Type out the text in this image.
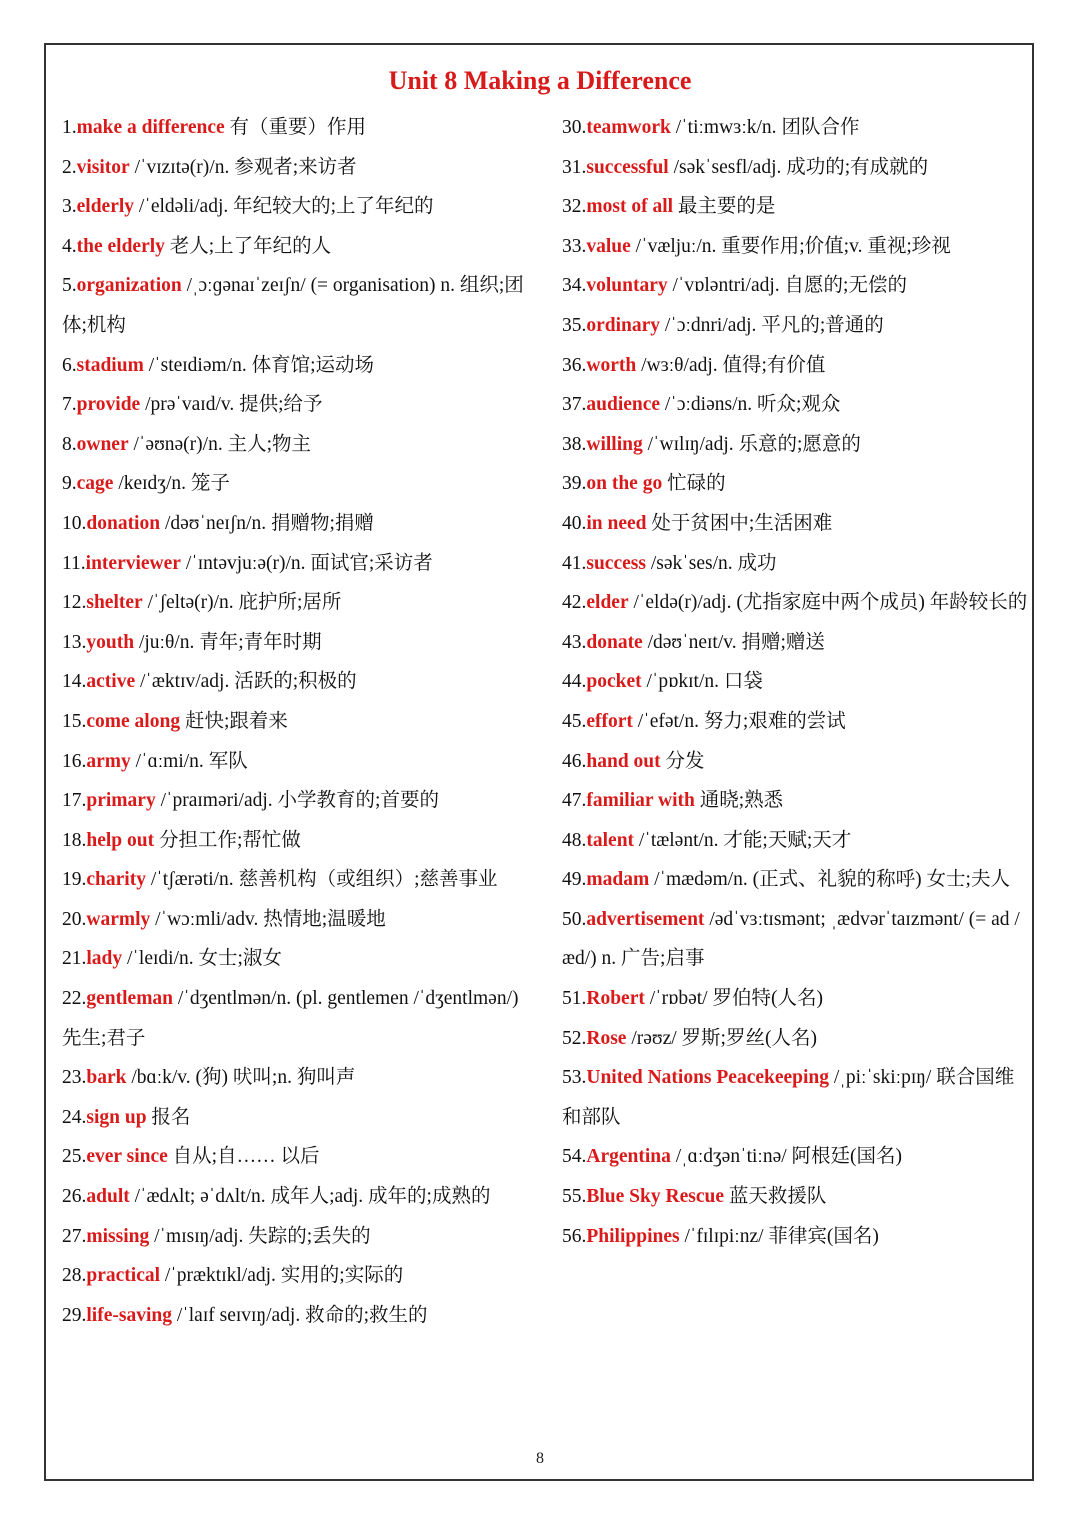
Unit 8 Making a Difference

1.make a difference 有（重要）作用

2.visitor /ˈvɪzɪtə(r)/n. 参观者;来访者

3.elderly /ˈeldəli/adj. 年纪较大的;上了年纪的

4.the elderly 老人;上了年纪的人

5.organization /ˌɔːɡənaɪˈzeɪʃn/ (= organisation) n. 组织;团体;机构

6.stadium /ˈsteɪdiəm/n. 体育馆;运动场

7.provide /prəˈvaɪd/v. 提供;给予

8.owner /ˈəʊnə(r)/n. 主人;物主

9.cage /keɪdʒ/n. 笼子

10.donation /dəʊˈneɪʃn/n. 捐赠物;捐赠

11.interviewer /ˈɪntəvjuːə(r)/n. 面试官;采访者

12.shelter /ˈʃeltə(r)/n. 庇护所;居所

13.youth /juːθ/n. 青年;青年时期

14.active /ˈæktɪv/adj. 活跃的;积极的

15.come along 赶快;跟着来

16.army /ˈɑːmi/n. 军队

17.primary /ˈpraɪməri/adj. 小学教育的;首要的

18.help out 分担工作;帮忙做

19.charity /ˈtʃærəti/n. 慈善机构（或组织）;慈善事业

20.warmly /ˈwɔːmli/adv. 热情地;温暖地

21.lady /ˈleɪdi/n. 女士;淑女

22.gentleman /ˈdʒentlmən/n. (pl. gentlemen /ˈdʒentlmən/) 先生;君子

23.bark /bɑːk/v. (狗) 吠叫;n. 狗叫声

24.sign up 报名

25.ever since 自从;自…… 以后

26.adult /ˈædʌlt; əˈdʌlt/n. 成年人;adj. 成年的;成熟的

27.missing /ˈmɪsɪŋ/adj. 失踪的;丢失的

28.practical /ˈpræktɪkl/adj. 实用的;实际的

29.life-saving /ˈlaɪf seɪvɪŋ/adj. 救命的;救生的

30.teamwork /ˈtiːmwɜːk/n. 团队合作

31.successful /səkˈsesfl/adj. 成功的;有成就的

32.most of all 最主要的是

33.value /ˈvæljuː/n. 重要作用;价值;v. 重视;珍视

34.voluntary /ˈvɒləntri/adj. 自愿的;无偿的

35.ordinary /ˈɔːdnri/adj. 平凡的;普通的

36.worth /wɜːθ/adj. 值得;有价值

37.audience /ˈɔːdiəns/n. 听众;观众

38.willing /ˈwɪlɪŋ/adj. 乐意的;愿意的

39.on the go 忙碌的

40.in need 处于贫困中;生活困难

41.success /səkˈses/n. 成功

42.elder /ˈeldə(r)/adj. (尤指家庭中两个成员) 年龄较长的

43.donate /dəʊˈneɪt/v. 捐赠;赠送

44.pocket /ˈpɒkɪt/n. 口袋

45.effort /ˈefət/n. 努力;艰难的尝试

46.hand out 分发

47.familiar with 通晓;熟悉

48.talent /ˈtælənt/n. 才能;天赋;天才

49.madam /ˈmædəm/n. (正式、礼貌的称呼) 女士;夫人

50.advertisement /ədˈvɜːtɪsmənt; ˌædvərˈtaɪzmənt/ (= ad /æd/) n. 广告;启事

51.Robert /ˈrɒbət/ 罗伯特(人名)

52.Rose /rəʊz/ 罗斯;罗丝(人名)

53.United Nations Peacekeeping /ˌpiːˈskiːpɪŋ/ 联合国维和部队

54.Argentina /ˌɑːdʒənˈtiːnə/ 阿根廷(国名)

55.Blue Sky Rescue 蓝天救援队

56.Philippines /ˈfɪlɪpiːnz/ 菲律宾(国名)

8
